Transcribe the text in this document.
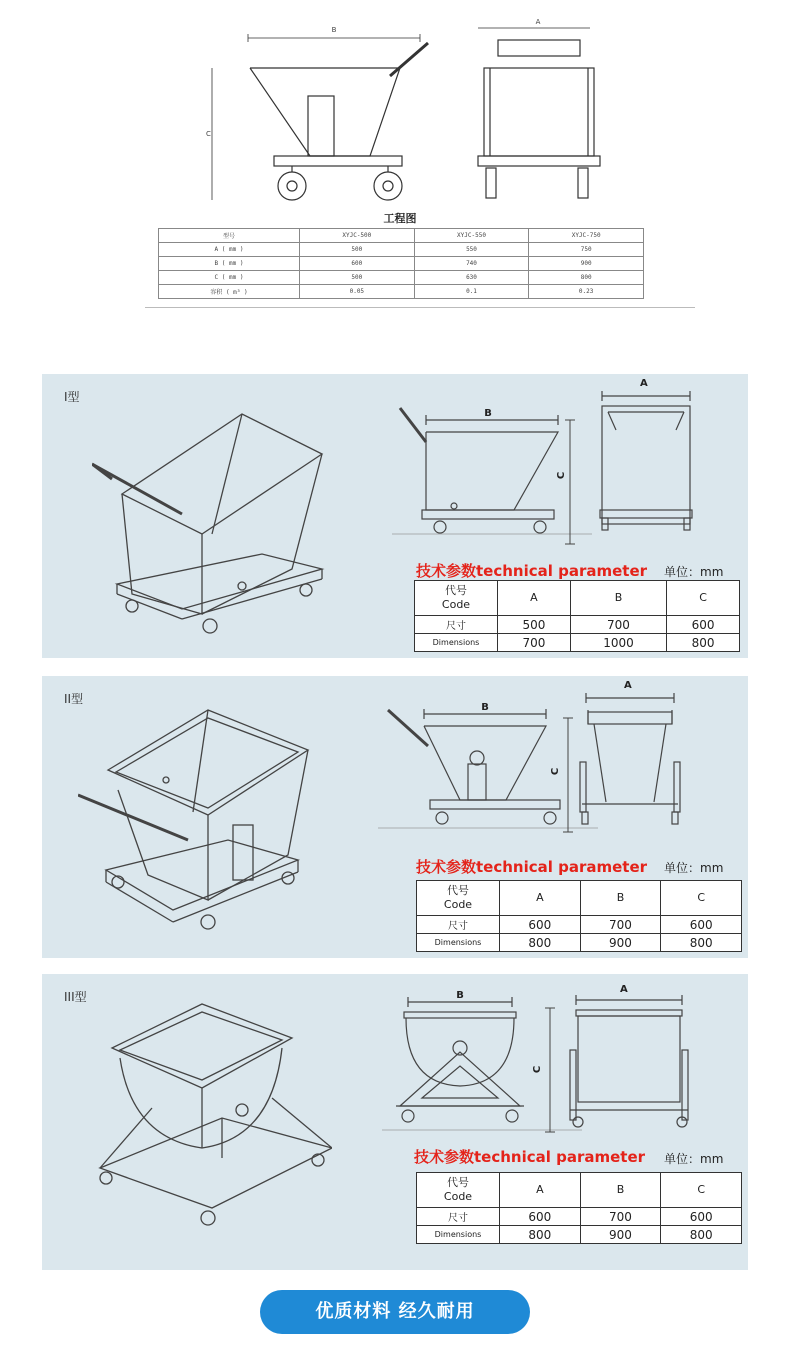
B
A
C
工程图
型号	XYJC-500	XYJC-550	XYJC-750
A ( mm )	500	550	750
B ( mm )	600	740	900
C ( mm )	500	630	800
容积 ( m³ )	0.05	0.1	0.23
I型
B
C
A
技术参数technical parameter 单位：mm
代号
Code	A	B	C
尺寸	500	700	600
Dimensions	700	1000	800
II型
B
C
A
技术参数technical parameter 单位：mm
代号
Code	A	B	C
尺寸	600	700	600
Dimensions	800	900	800
III型	B
C
A
技术参数technical parameter 单位：mm
代号
Code	A	B	C
尺寸	600	700	600
Dimensions	800	900	800
优质材料 经久耐用
